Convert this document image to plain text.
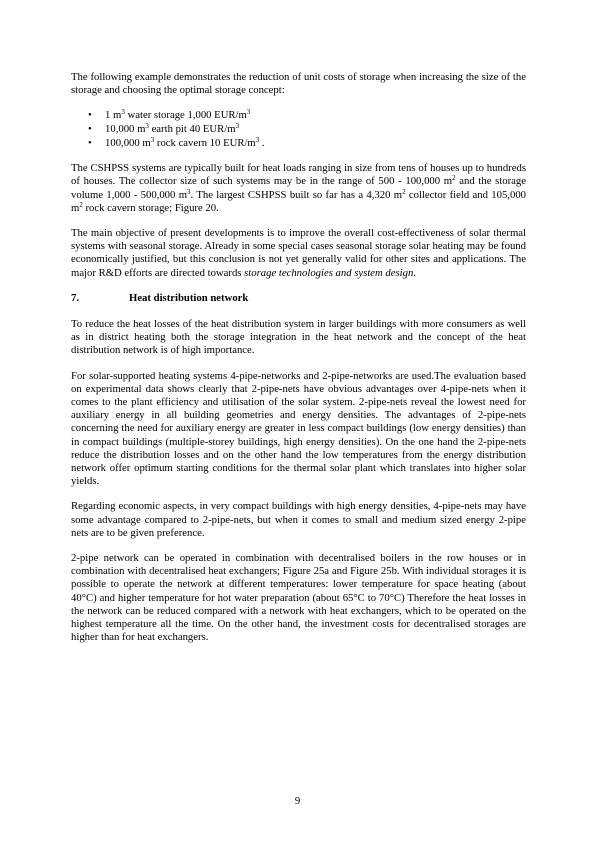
The following example demonstrates the reduction of unit costs of storage when increasing the size of the storage and choosing the optimal storage concept:

• 1 $m^3$ water storage 1,000 EUR/$m^3$
• 10,000 $m^3$ earth pit 40 EUR/$m^3$
• 100,000 $m^3$ rock cavern 10 EUR/$m^3$ .

The CSHPSS systems are typically built for heat loads ranging in size from tens of houses up to hundreds of houses. The collector size of such systems may be in the range of 500 - 100,000 $m^2$ and the storage volume 1,000 - 500,000 $m^3$. The largest CSHPSS built so far has a 4,320 $m^2$ collector field and 105,000 $m^2$ rock cavern storage; Figure 20.

The main objective of present developments is to improve the overall cost-effectiveness of solar thermal systems with seasonal storage. Already in some special cases seasonal storage solar heating may be found economically justified, but this conclusion is not yet generally valid for other sites and applications. The major R&D efforts are directed towards storage technologies and system design.

7.	Heat distribution network

To reduce the heat losses of the heat distribution system in larger buildings with more consumers as well as in district heating both the storage integration in the heat network and the concept of the heat distribution network is of high importance.

For solar-supported heating systems 4-pipe-networks and 2-pipe-networks are used.The evaluation based on experimental data shows clearly that 2-pipe-nets have obvious advantages over 4-pipe-nets when it comes to the plant efficiency and utilisation of the solar system. 2-pipe-nets reveal the lowest need for auxiliary energy in all building geometries and energy densities. The advantages of 2-pipe-nets concerning the need for auxiliary energy are greater in less compact buildings (low energy densities) than in compact buildings (multiple-storey buildings, high energy densities). On the one hand the 2-pipe-nets reduce the distribution losses and on the other hand the low temperatures from the energy distribution network offer optimum starting conditions for the thermal solar plant which translates into higher solar yields.

Regarding economic aspects, in very compact buildings with high energy densities, 4-pipe-nets may have some advantage compared to 2-pipe-nets, but when it comes to small and medium sized energy 2-pipe nets are to be given preference.

2-pipe network can be operated in combination with decentralised boilers in the row houses or in combination with decentralised heat exchangers; Figure 25a and Figure 25b. With individual storages it is possible to operate the network at different temperatures: lower temperature for space heating (about 40°C) and higher temperature for hot water preparation (about 65°C to 70°C) Therefore the heat losses in the network can be reduced compared with a network with heat exchangers, which to be operated on the highest temperature all the time. On the other hand, the investment costs for decentralised storages are higher than for heat exchangers.

9
